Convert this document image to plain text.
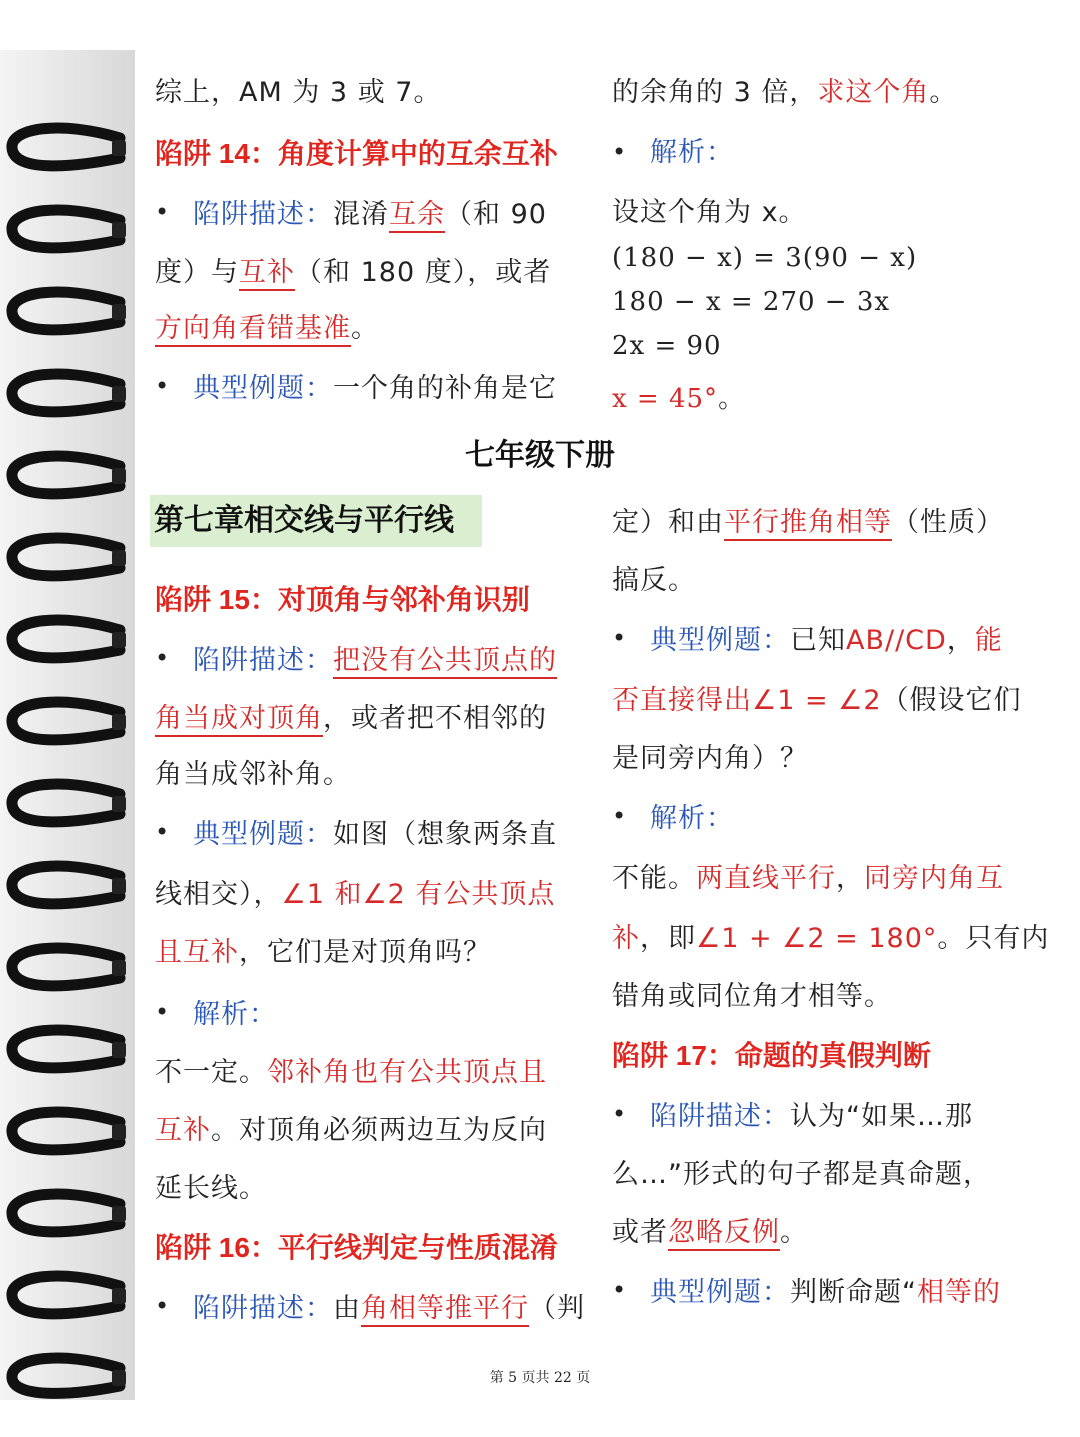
综上，AM 为 3 或 7。
陷阱 14：角度计算中的互余互补
• 陷阱描述：混淆互余（和 90
度）与互补（和 180 度），或者
方向角看错基准。
• 典型例题：一个角的补角是它
的余角的 3 倍，求这个角。
• 解析：
设这个角为 x。
(180 − x) = 3(90 − x)
180 − x = 270 − 3x
2x = 90
x = 45°。
七年级下册
第七章相交线与平行线
陷阱 15：对顶角与邻补角识别
• 陷阱描述：把没有公共顶点的
角当成对顶角，或者把不相邻的
角当成邻补角。
• 典型例题：如图（想象两条直
线相交），∠1 和∠2 有公共顶点
且互补，它们是对顶角吗？
• 解析：
不一定。邻补角也有公共顶点且
互补。对顶角必须两边互为反向
延长线。
陷阱 16：平行线判定与性质混淆
• 陷阱描述：由角相等推平行（判
定）和由平行推角相等（性质）
搞反。
• 典型例题：已知AB//CD，能
否直接得出∠1 = ∠2（假设它们
是同旁内角）？
• 解析：
不能。两直线平行，同旁内角互
补，即∠1 + ∠2 = 180°。只有内
错角或同位角才相等。
陷阱 17：命题的真假判断
• 陷阱描述：认为“如果…那
么…”形式的句子都是真命题，
或者忽略反例。
• 典型例题：判断命题“相等的
第 5 页共 22 页
